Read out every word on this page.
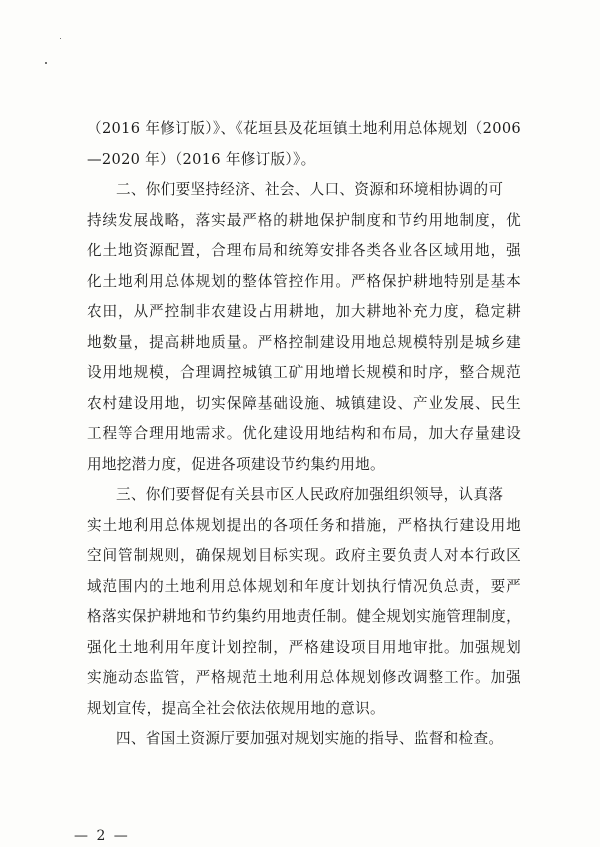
（2016 年修订版）》、《花垣县及花垣镇土地利用总体规划（2006
—2020 年）（2016 年修订版）》。
二、你们要坚持经济、社会、人口、资源和环境相协调的可
持续发展战略，落实最严格的耕地保护制度和节约用地制度，优
化土地资源配置，合理布局和统筹安排各类各业各区域用地，强
化土地利用总体规划的整体管控作用。严格保护耕地特别是基本
农田，从严控制非农建设占用耕地，加大耕地补充力度，稳定耕
地数量，提高耕地质量。严格控制建设用地总规模特别是城乡建
设用地规模，合理调控城镇工矿用地增长规模和时序，整合规范
农村建设用地，切实保障基础设施、城镇建设、产业发展、民生
工程等合理用地需求。优化建设用地结构和布局，加大存量建设
用地挖潜力度，促进各项建设节约集约用地。
三、你们要督促有关县市区人民政府加强组织领导，认真落
实土地利用总体规划提出的各项任务和措施，严格执行建设用地
空间管制规则，确保规划目标实现。政府主要负责人对本行政区
域范围内的土地利用总体规划和年度计划执行情况负总责，要严
格落实保护耕地和节约集约用地责任制。健全规划实施管理制度，
强化土地利用年度计划控制，严格建设项目用地审批。加强规划
实施动态监管，严格规范土地利用总体规划修改调整工作。加强
规划宣传，提高全社会依法依规用地的意识。
四、省国土资源厅要加强对规划实施的指导、监督和检查。
— 2 —
